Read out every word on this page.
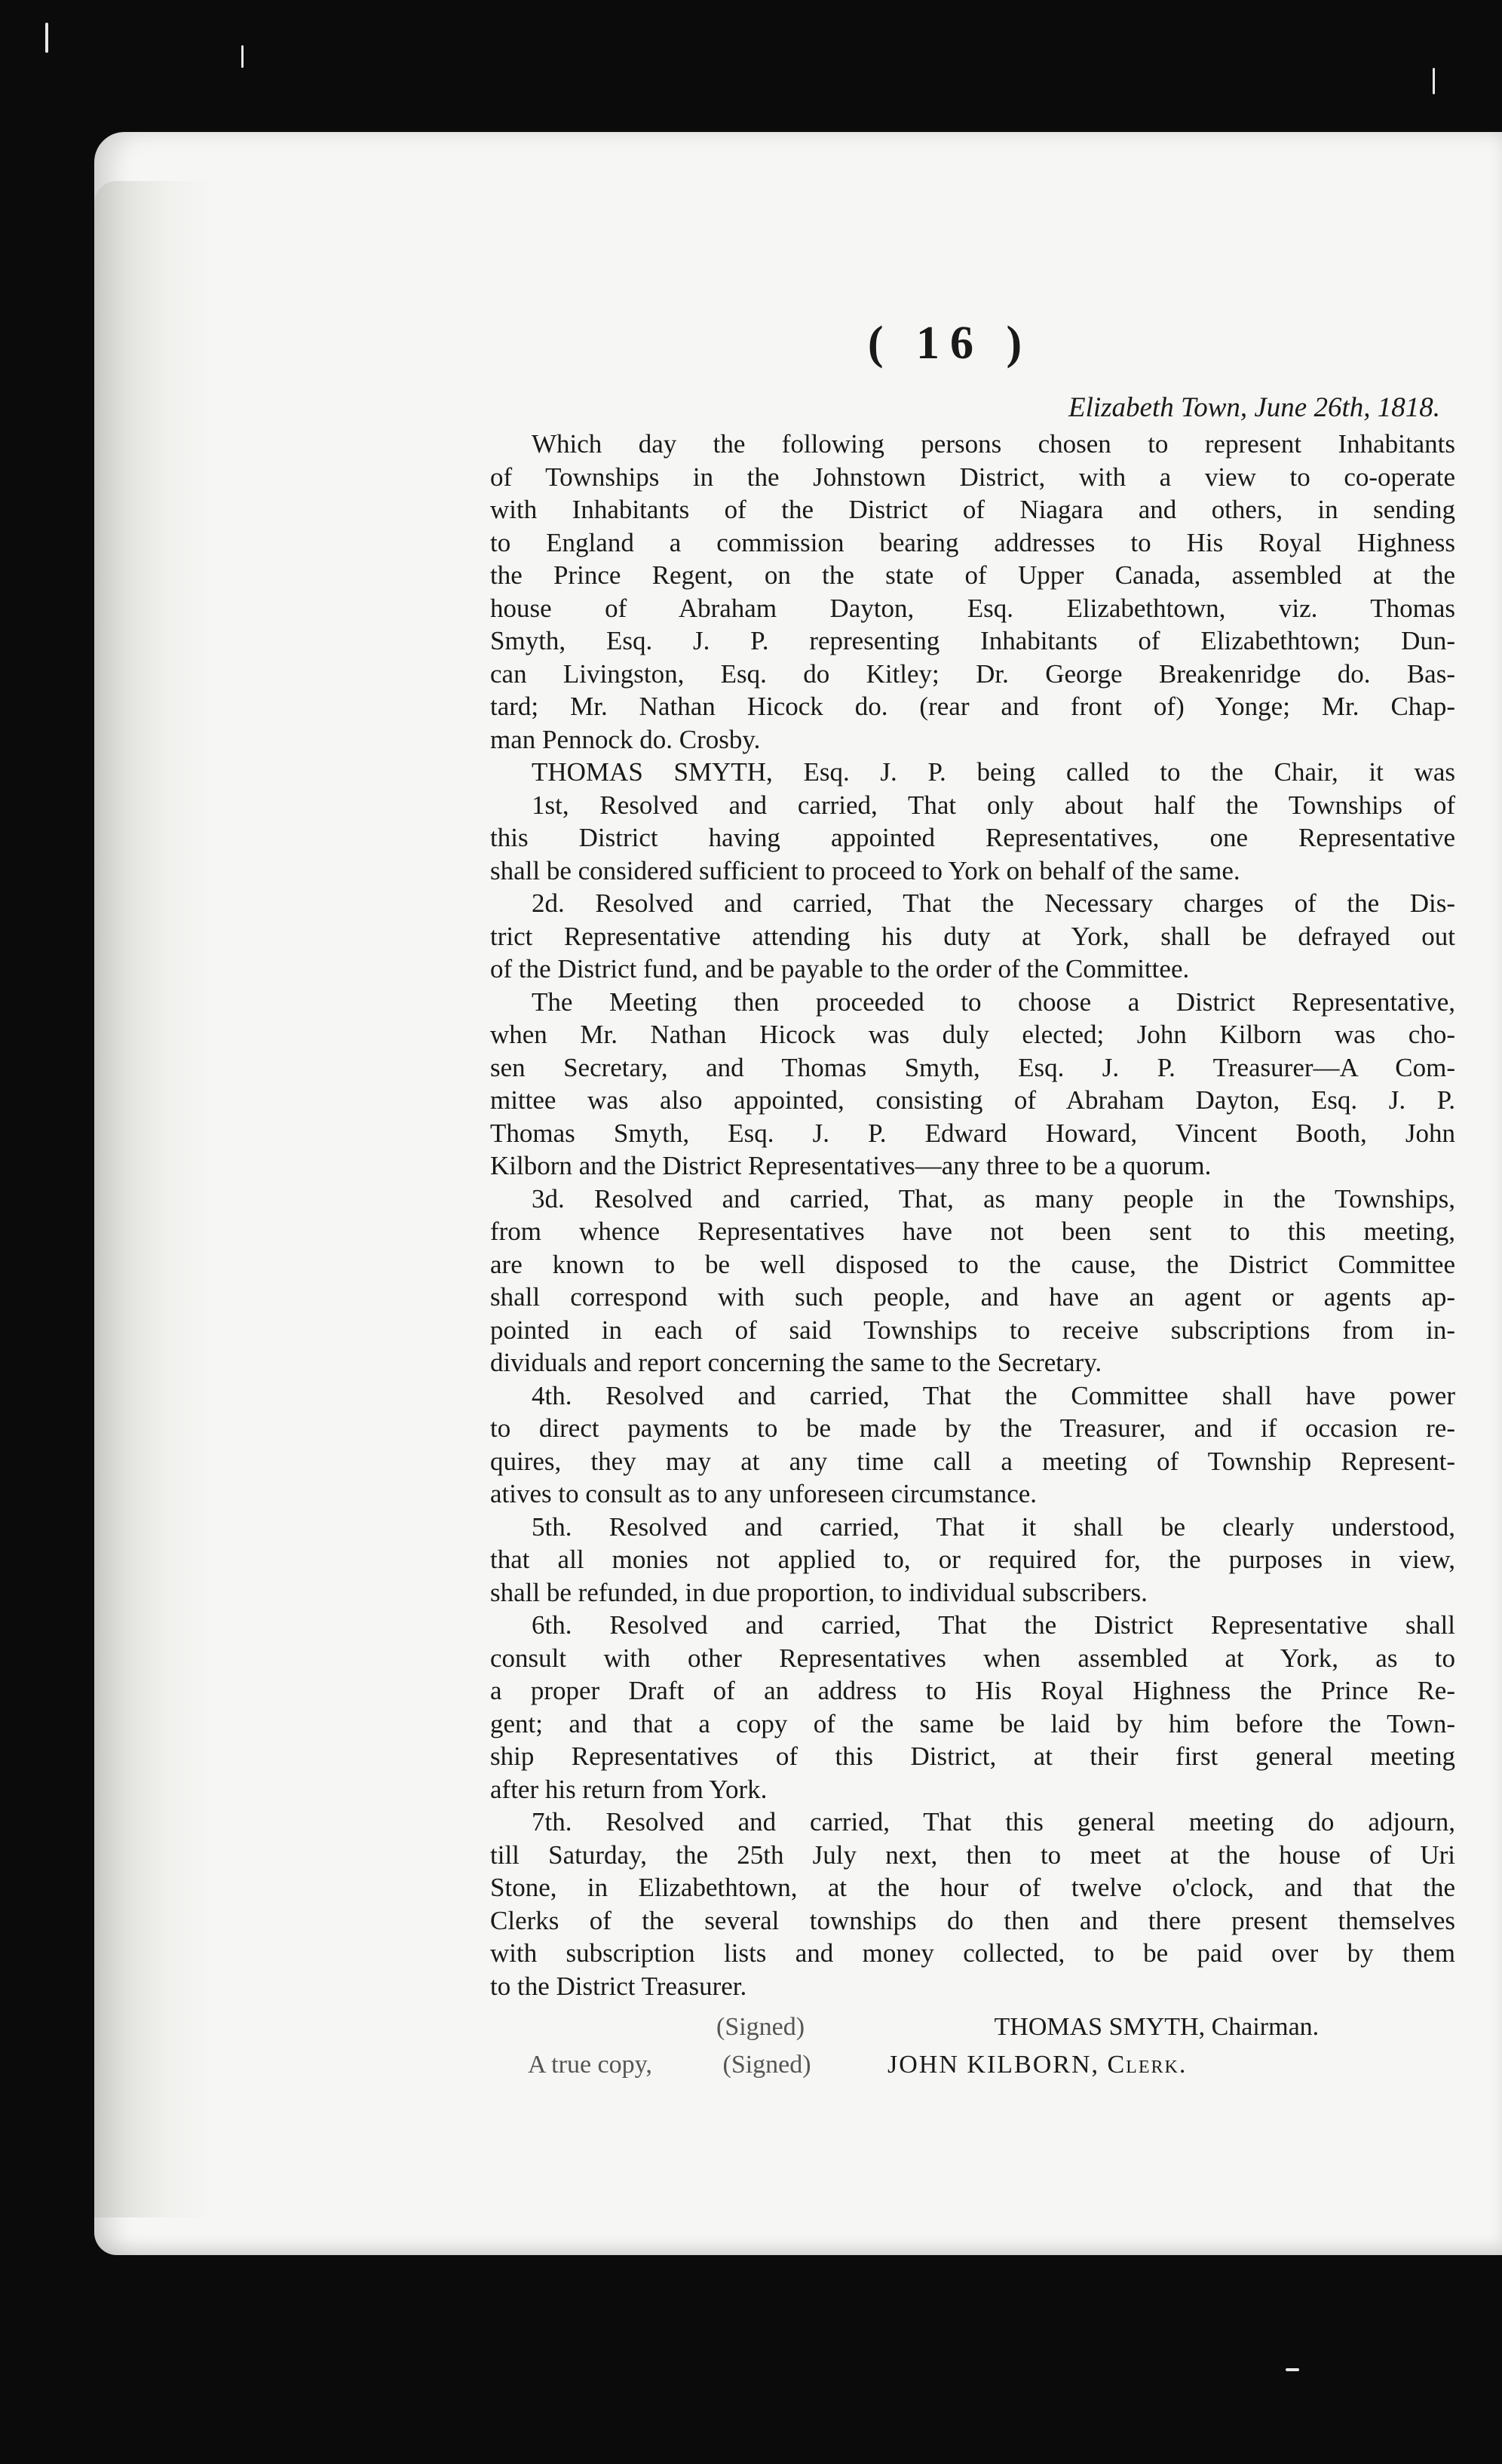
( 16 )
Elizabeth Town, June 26th, 1818.
Which day the following persons chosen to represent Inhabitants
of Townships in the Johnstown District, with a view to co-operate
with Inhabitants of the District of Niagara and others, in sending
to England a commission bearing addresses to His Royal Highness
the Prince Regent, on the state of Upper Canada, assembled at the
house of Abraham Dayton, Esq. Elizabethtown, viz. Thomas
Smyth, Esq. J. P. representing Inhabitants of Elizabethtown; Dun-
can Livingston, Esq. do Kitley; Dr. George Breakenridge do. Bas-
tard; Mr. Nathan Hicock do. (rear and front of) Yonge; Mr. Chap-
man Pennock do. Crosby.
THOMAS SMYTH, Esq. J. P. being called to the Chair, it was
1st, Resolved and carried, That only about half the Townships of
this District having appointed Representatives, one Representative
shall be considered sufficient to proceed to York on behalf of the same.
2d. Resolved and carried, That the Necessary charges of the Dis-
trict Representative attending his duty at York, shall be defrayed out
of the District fund, and be payable to the order of the Committee.
The Meeting then proceeded to choose a District Representative,
when Mr. Nathan Hicock was duly elected; John Kilborn was cho-
sen Secretary, and Thomas Smyth, Esq. J. P. Treasurer—A Com-
mittee was also appointed, consisting of Abraham Dayton, Esq. J. P.
Thomas Smyth, Esq. J. P. Edward Howard, Vincent Booth, John
Kilborn and the District Representatives—any three to be a quorum.
3d. Resolved and carried, That, as many people in the Townships,
from whence Representatives have not been sent to this meeting,
are known to be well disposed to the cause, the District Committee
shall correspond with such people, and have an agent or agents ap-
pointed in each of said Townships to receive subscriptions from in-
dividuals and report concerning the same to the Secretary.
4th. Resolved and carried, That the Committee shall have power
to direct payments to be made by the Treasurer, and if occasion re-
quires, they may at any time call a meeting of Township Represent-
atives to consult as to any unforeseen circumstance.
5th. Resolved and carried, That it shall be clearly understood,
that all monies not applied to, or required for, the purposes in view,
shall be refunded, in due proportion, to individual subscribers.
6th. Resolved and carried, That the District Representative shall
consult with other Representatives when assembled at York, as to
a proper Draft of an address to His Royal Highness the Prince Re-
gent; and that a copy of the same be laid by him before the Town-
ship Representatives of this District, at their first general meeting
after his return from York.
7th. Resolved and carried, That this general meeting do adjourn,
till Saturday, the 25th July next, then to meet at the house of Uri
Stone, in Elizabethtown, at the hour of twelve o'clock, and that the
Clerks of the several townships do then and there present themselves
with subscription lists and money collected, to be paid over by them
to the District Treasurer.
(Signed)	THOMAS SMYTH, Chairman.
A true copy,	(Signed)	JOHN KILBORN, Clerk.
